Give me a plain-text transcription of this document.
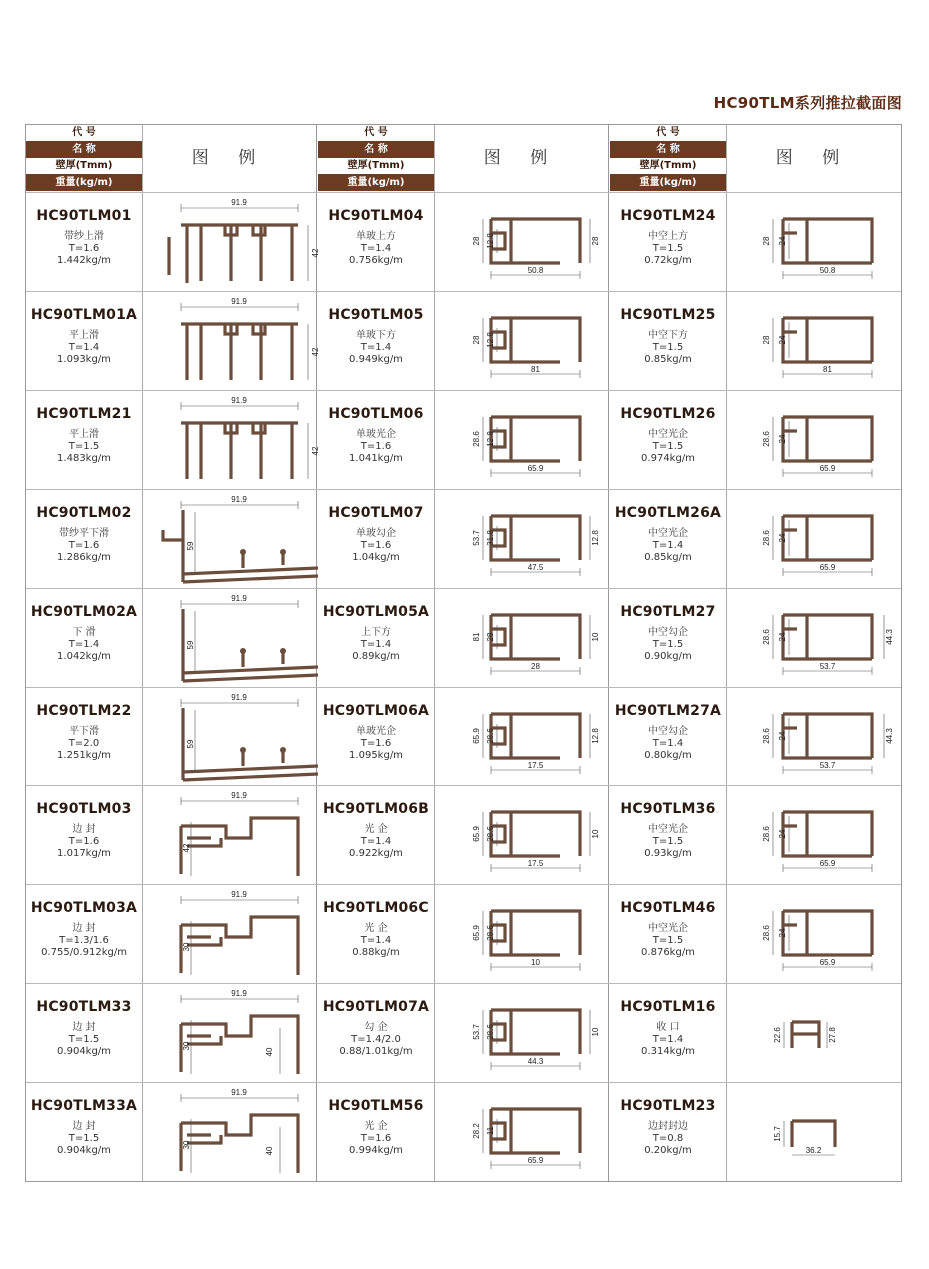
HC90TLM系列推拉截面图
代 号
名 称
壁厚(Tmm)
重量(kg/m)
图 例
HC90TLM01
带纱上滑
T=1.6
1.442kg/m
91.9
42
HC90TLM01A
平上滑
T=1.4
1.093kg/m
91.9
42
HC90TLM21
平上滑
T=1.5
1.483kg/m
91.9
42
HC90TLM02
带纱平下滑
T=1.6
1.286kg/m
91.9
59
HC90TLM02A
下 滑
T=1.4
1.042kg/m
91.9
59
HC90TLM22
平下滑
T=2.0
1.251kg/m
91.9
59
HC90TLM03
边 封
T=1.6
1.017kg/m
91.9
42
HC90TLM03A
边 封
T=1.3/1.6
0.755/0.912kg/m
91.9
30
HC90TLM33
边 封
T=1.5
0.904kg/m
91.9
30
40
HC90TLM33A
边 封
T=1.5
0.904kg/m
91.9
30
40
代 号
名 称
壁厚(Tmm)
重量(kg/m)
图 例
HC90TLM04
单玻上方
T=1.4
0.756kg/m
28 12.8
50.8
28
HC90TLM05
单玻下方
T=1.4
0.949kg/m
28 12.8
81
HC90TLM06
单玻光企
T=1.6
1.041kg/m
28.6 12.8
65.9
HC90TLM07
单玻勾企
T=1.6
1.04kg/m
53.7 31.8
47.5
12.8
HC90TLM05A
上下方
T=1.4
0.89kg/m
81 28
28
10
HC90TLM06A
单玻光企
T=1.6
1.095kg/m
65.9 28.6
17.5
12.8
HC90TLM06B
光 企
T=1.4
0.922kg/m
65.9 28.6
17.5
10
HC90TLM06C
光 企
T=1.4
0.88kg/m
65.9 28.6
10
HC90TLM07A
勾 企
T=1.4/2.0
0.88/1.01kg/m
53.7 28.6
44.3
10
HC90TLM56
光 企
T=1.6
0.994kg/m
28.2 11
65.9
代 号
名 称
壁厚(Tmm)
重量(kg/m)
图 例
HC90TLM24
中空上方
T=1.5
0.72kg/m
28 24
50.8
HC90TLM25
中空下方
T=1.5
0.85kg/m
28 24
81
HC90TLM26
中空光企
T=1.5
0.974kg/m
28.6 24
65.9
HC90TLM26A
中空光企
T=1.4
0.85kg/m
28.6 24
65.9
HC90TLM27
中空勾企
T=1.5
0.90kg/m
28.6 24
53.7
44.3
HC90TLM27A
中空勾企
T=1.4
0.80kg/m
28.6 24
53.7
44.3
HC90TLM36
中空光企
T=1.5
0.93kg/m
28.6 24
65.9
HC90TLM46
中空光企
T=1.5
0.876kg/m
28.6 24
65.9
HC90TLM16
收 口
T=1.4
0.314kg/m
22.6	27.8
HC90TLM23
边封封边
T=0.8
0.20kg/m
15.7
36.2
